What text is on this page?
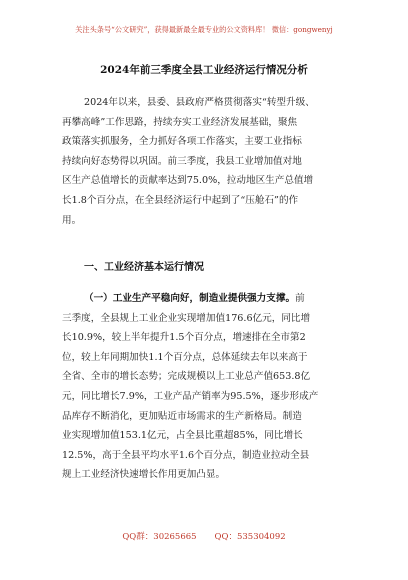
关注头条号“公文研究”，获得最新最全最专业的公文资料库！ 微信：gongwenyj
2024年前三季度全县工业经济运行情况分析
2024年以来，县委、县政府严格贯彻落实“转型升级、
再攀高峰”工作思路，持续夯实工业经济发展基础，聚焦
政策落实抓服务，全力抓好各项工作落实，主要工业指标
持续向好态势得以巩固。前三季度，我县工业增加值对地
区生产总值增长的贡献率达到75.0%，拉动地区生产总值增
长1.8个百分点，在全县经济运行中起到了“压舱石”的作
用。
一、工业经济基本运行情况
（一）工业生产平稳向好，制造业提供强力支撑。前
三季度，全县规上工业企业实现增加值176.6亿元，同比增
长10.9%，较上半年提升1.5个百分点，增速排在全市第2
位，较上年同期加快1.1个百分点，总体延续去年以来高于
全省、全市的增长态势；完成规模以上工业总产值653.8亿
元，同比增长7.9%，工业产品产销率为95.5%，逐步形成产
品库存不断消化，更加贴近市场需求的生产新格局。制造
业实现增加值153.1亿元，占全县比重超85%，同比增长
12.5%，高于全县平均水平1.6个百分点，制造业拉动全县
规上工业经济快速增长作用更加凸显。
QQ群：30265665 QQ：535304092
